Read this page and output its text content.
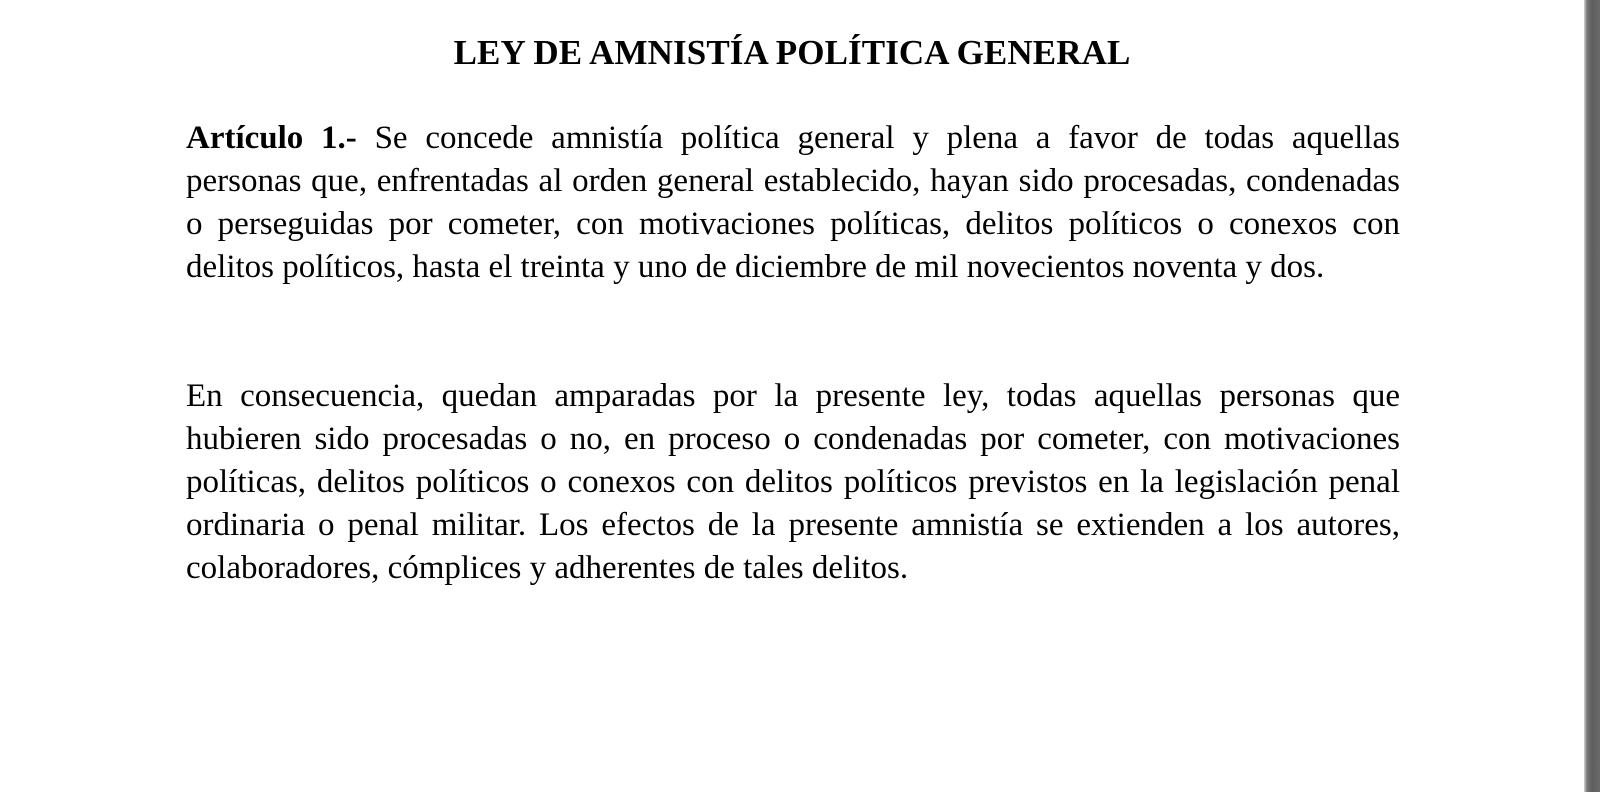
LEY DE AMNISTÍA POLÍTICA GENERAL

Artículo 1.- Se concede amnistía política general y plena a favor de todas aquellas personas que, enfrentadas al orden general establecido, hayan sido procesadas, condenadas o perseguidas por cometer, con motivaciones políticas, delitos políticos o conexos con delitos políticos, hasta el treinta y uno de diciembre de mil novecientos noventa y dos.

En consecuencia, quedan amparadas por la presente ley, todas aquellas personas que hubieren sido procesadas o no, en proceso o condenadas por cometer, con motivaciones políticas, delitos políticos o conexos con delitos políticos previstos en la legislación penal ordinaria o penal militar. Los efectos de la presente amnistía se extienden a los autores, colaboradores, cómplices y adherentes de tales delitos.
